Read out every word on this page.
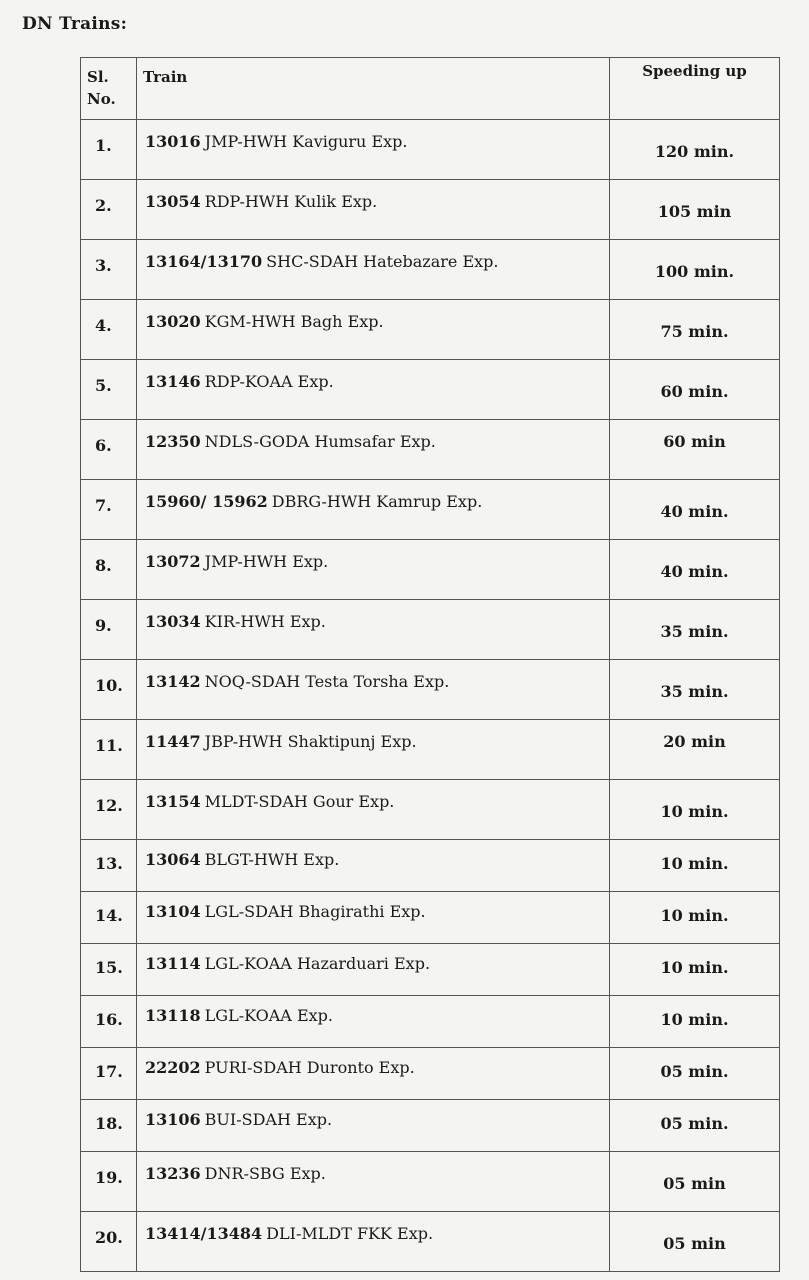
DN Trains:
Sl. No.	Train	Speeding up
1.	13016 JMP-HWH Kaviguru Exp.	120 min.
2.	13054 RDP-HWH Kulik Exp.	105 min
3.	13164/13170 SHC-SDAH Hatebazare Exp.	100 min.
4.	13020 KGM-HWH Bagh Exp.	75 min.
5.	13146 RDP-KOAA Exp.	60 min.
6.	12350 NDLS-GODA Humsafar Exp.	60 min
7.	15960/ 15962 DBRG-HWH Kamrup Exp.	40 min.
8.	13072 JMP-HWH Exp.	40 min.
9.	13034 KIR-HWH Exp.	35 min.
10.	13142 NOQ-SDAH Testa Torsha Exp.	35 min.
11.	11447 JBP-HWH Shaktipunj Exp.	20 min
12.	13154 MLDT-SDAH Gour Exp.	10 min.
13.	13064 BLGT-HWH Exp.	10 min.
14.	13104 LGL-SDAH Bhagirathi Exp.	10 min.
15.	13114 LGL-KOAA Hazarduari Exp.	10 min.
16.	13118 LGL-KOAA Exp.	10 min.
17.	22202 PURI-SDAH Duronto Exp.	05 min.
18.	13106 BUI-SDAH Exp.	05 min.
19.	13236 DNR-SBG Exp.	05 min
20.	13414/13484 DLI-MLDT FKK Exp.	05 min
